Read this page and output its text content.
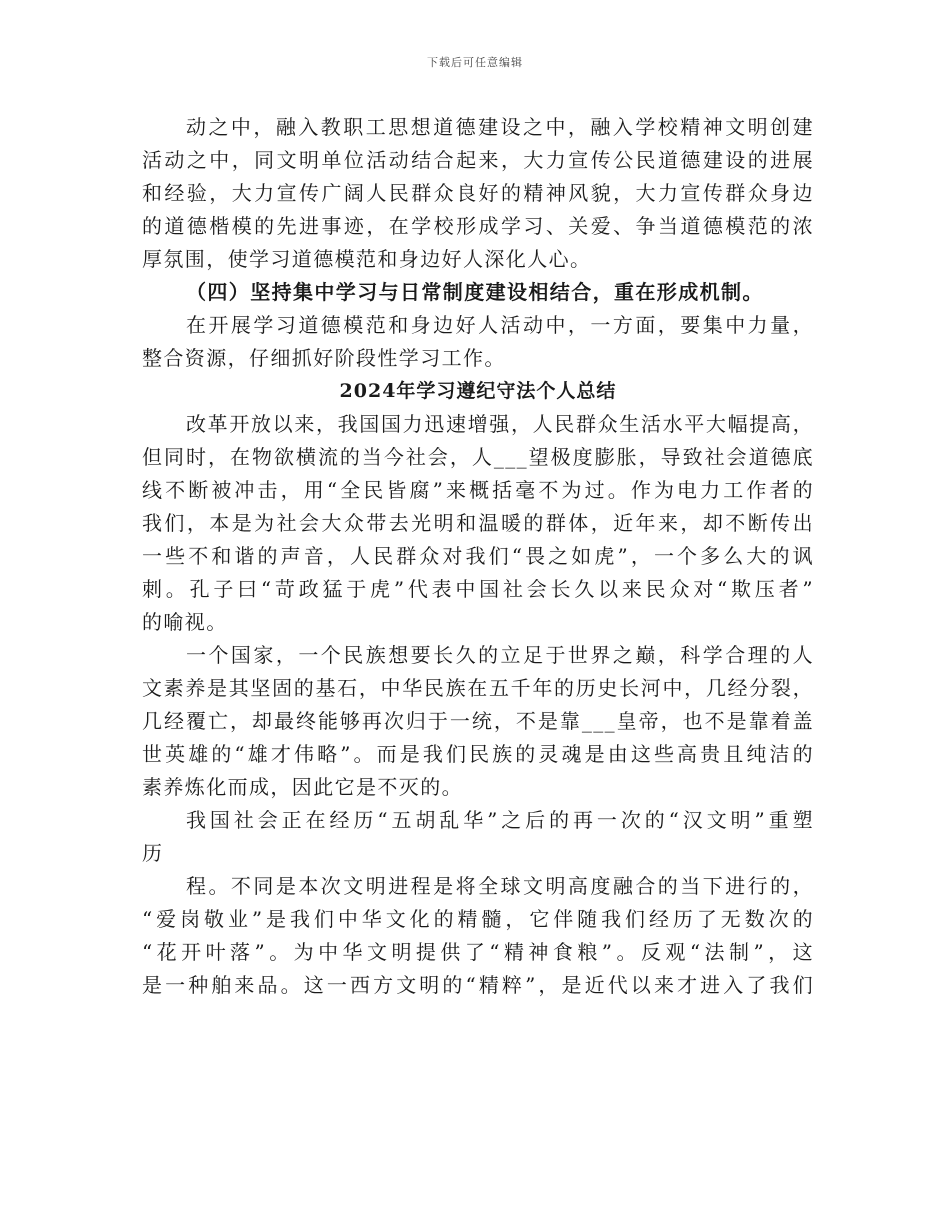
下载后可任意编辑
动之中，融入教职工思想道德建设之中，融入学校精神文明创建
活动之中，同文明单位活动结合起来，大力宣传公民道德建设的进展
和经验，大力宣传广阔人民群众良好的精神风貌，大力宣传群众身边
的道德楷模的先进事迹，在学校形成学习、关爱、争当道德模范的浓
厚氛围，使学习道德模范和身边好人深化人心。
（四）坚持集中学习与日常制度建设相结合，重在形成机制。
在开展学习道德模范和身边好人活动中，一方面，要集中力量，
整合资源，仔细抓好阶段性学习工作。
2024年学习遵纪守法个人总结
改革开放以来，我国国力迅速增强，人民群众生活水平大幅提高，
但同时，在物欲横流的当今社会，人___望极度膨胀，导致社会道德底
线不断被冲击，用“全民皆腐”来概括毫不为过。作为电力工作者的
我们，本是为社会大众带去光明和温暖的群体，近年来，却不断传出
一些不和谐的声音，人民群众对我们“畏之如虎”，一个多么大的讽
刺。孔子曰“苛政猛于虎”代表中国社会长久以来民众对“欺压者”
的喻视。
一个国家，一个民族想要长久的立足于世界之巅，科学合理的人
文素养是其坚固的基石，中华民族在五千年的历史长河中，几经分裂，
几经覆亡，却最终能够再次归于一统，不是靠___皇帝，也不是靠着盖
世英雄的“雄才伟略”。而是我们民族的灵魂是由这些高贵且纯洁的
素养炼化而成，因此它是不灭的。
我国社会正在经历“五胡乱华”之后的再一次的“汉文明”重塑
历
程。不同是本次文明进程是将全球文明高度融合的当下进行的，
“爱岗敬业”是我们中华文化的精髓，它伴随我们经历了无数次的
“花开叶落”。为中华文明提供了“精神食粮”。反观“法制”，这
是一种舶来品。这一西方文明的“精粹”，是近代以来才进入了我们
